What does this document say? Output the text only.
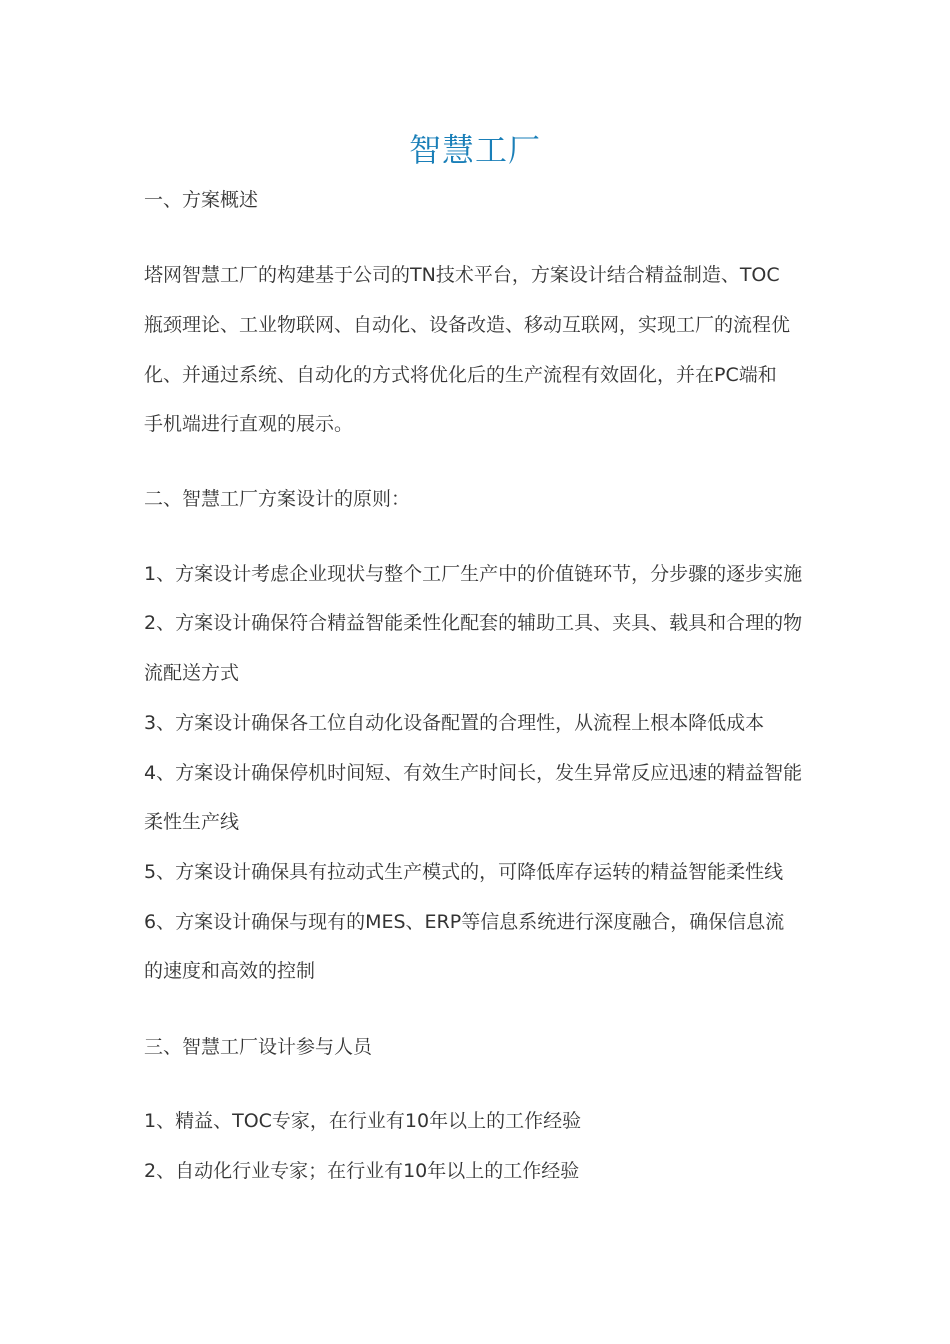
智慧工厂
一、方案概述
塔网智慧工厂的构建基于公司的TN技术平台，方案设计结合精益制造、TOC
瓶颈理论、工业物联网、自动化、设备改造、移动互联网，实现工厂的流程优
化、并通过系统、自动化的方式将优化后的生产流程有效固化，并在PC端和
手机端进行直观的展示。
二、智慧工厂方案设计的原则：
1、方案设计考虑企业现状与整个工厂生产中的价值链环节，分步骤的逐步实施
2、方案设计确保符合精益智能柔性化配套的辅助工具、夹具、载具和合理的物
流配送方式
3、方案设计确保各工位自动化设备配置的合理性，从流程上根本降低成本
4、方案设计确保停机时间短、有效生产时间长，发生异常反应迅速的精益智能
柔性生产线
5、方案设计确保具有拉动式生产模式的，可降低库存运转的精益智能柔性线
6、方案设计确保与现有的MES、ERP等信息系统进行深度融合，确保信息流
的速度和高效的控制
三、智慧工厂设计参与人员
1、精益、TOC专家，在行业有10年以上的工作经验
2、自动化行业专家；在行业有10年以上的工作经验
